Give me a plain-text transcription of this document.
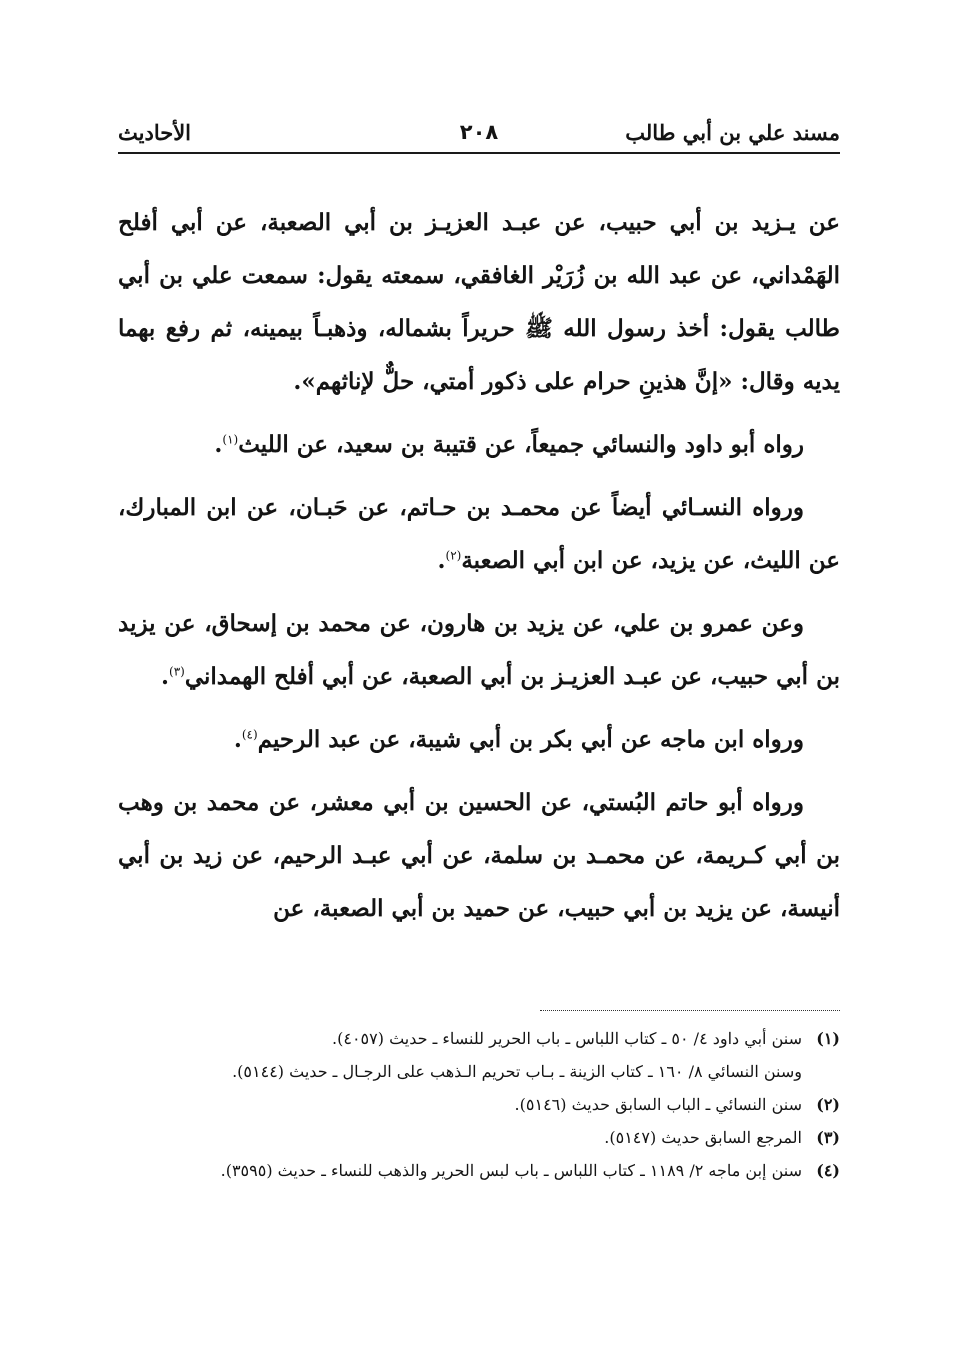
مسند علي بن أبي طالب
٢٠٨
الأحاديث

عن يـزيد بن أبي حبيب، عن عبـد العزيـز بن أبي الصعبة، عن أبي أفلح الهَمْداني، عن عبد الله بن زُرَيْر الغافقي، سمعته يقول: سمعت علي بن أبي طالب يقول: أخذ رسول الله ﷺ حريراً بشماله، وذهبـاً بيمينه، ثم رفع بهما يديه وقال: «إنَّ هذينِ حرام على ذكور أمتي، حلٌّ لإناثهم».

رواه أبو داود والنسائي جميعاً، عن قتيبة بن سعيد، عن الليث$^{(١)}$.

ورواه النسـائي أيضاً عن محمـد بن حـاتم، عن حَبـان، عن ابن المبارك، عن الليث، عن يزيد، عن ابن أبي الصعبة$^{(٢)}$.

وعن عمرو بن علي، عن يزيد بن هارون، عن محمد بن إسحاق، عن يزيد بن أبي حبيب، عن عبـد العزيـز بن أبي الصعبة، عن أبي أفلح الهمداني$^{(٣)}$.

ورواه ابن ماجه عن أبي بكر بن أبي شيبة، عن عبد الرحيم$^{(٤)}$.

ورواه أبو حاتم البُستي، عن الحسين بن أبي معشر، عن محمد بن وهب بن أبي كـريمة، عن محمـد بن سلمة، عن أبي عبـد الرحيم، عن زيد بن أبي أنيسة، عن يزيد بن أبي حبيب، عن حميد بن أبي الصعبة، عن

(١)
سنن أبي داود ٤/ ٥٠ ـ كتاب اللباس ـ باب الحرير للنساء ـ حديث (٤٠٥٧).
وسنن النسائي ٨/ ١٦٠ ـ كتاب الزينة ـ بـاب تحريم الـذهب على الرجـال ـ حديث (٥١٤٤).
(٢)
سنن النسائي ـ الباب السابق حديث (٥١٤٦).
(٣)
المرجع السابق حديث (٥١٤٧).
(٤)
سنن إبن ماجه ٢/ ١١٨٩ ـ كتاب اللباس ـ باب لبس الحرير والذهب للنساء ـ حديث (٣٥٩٥).
